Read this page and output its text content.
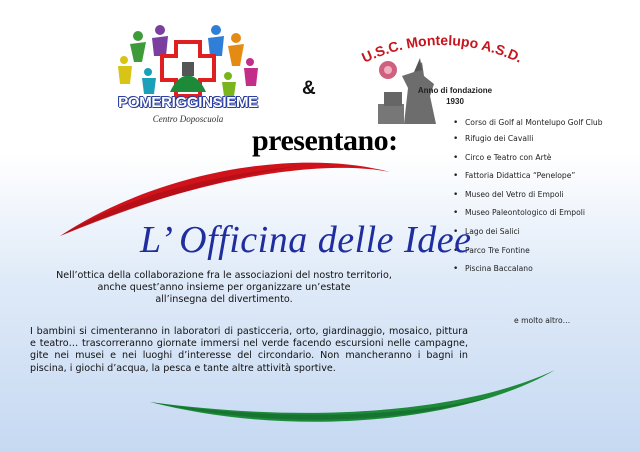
POMERIGGINSIEME
Centro Doposcuola
&
U.S.C. Montelupo A.S.D.
Anno di fondazione
1930
presentano:
• Corso di Golf al Montelupo Golf Club
• Rifugio dei Cavalli
• Circo e Teatro con Artè
• Fattoria Didattica “Penelope”
• Museo del Vetro di Empoli
• Museo Paleontologico di Empoli
• Lago dei Salici
• Parco Tre Fontine
• Piscina Baccalano
e molto altro…
L’ Officina delle Idee
Nell’ottica della collaborazione fra le associazioni del nostro territorio,
anche quest’anno insieme per organizzare un’estate
all’insegna del divertimento.
I bambini si cimenteranno in laboratori di pasticceria, orto, giardinaggio, mosaico, pittura e teatro… trascorreranno giornate immersi nel verde facendo escursioni nelle campagne, gite nei musei e nei luoghi d’interesse del circondario. Non mancheranno i bagni in piscina, i giochi d’acqua, la pesca e tante altre attività sportive.
